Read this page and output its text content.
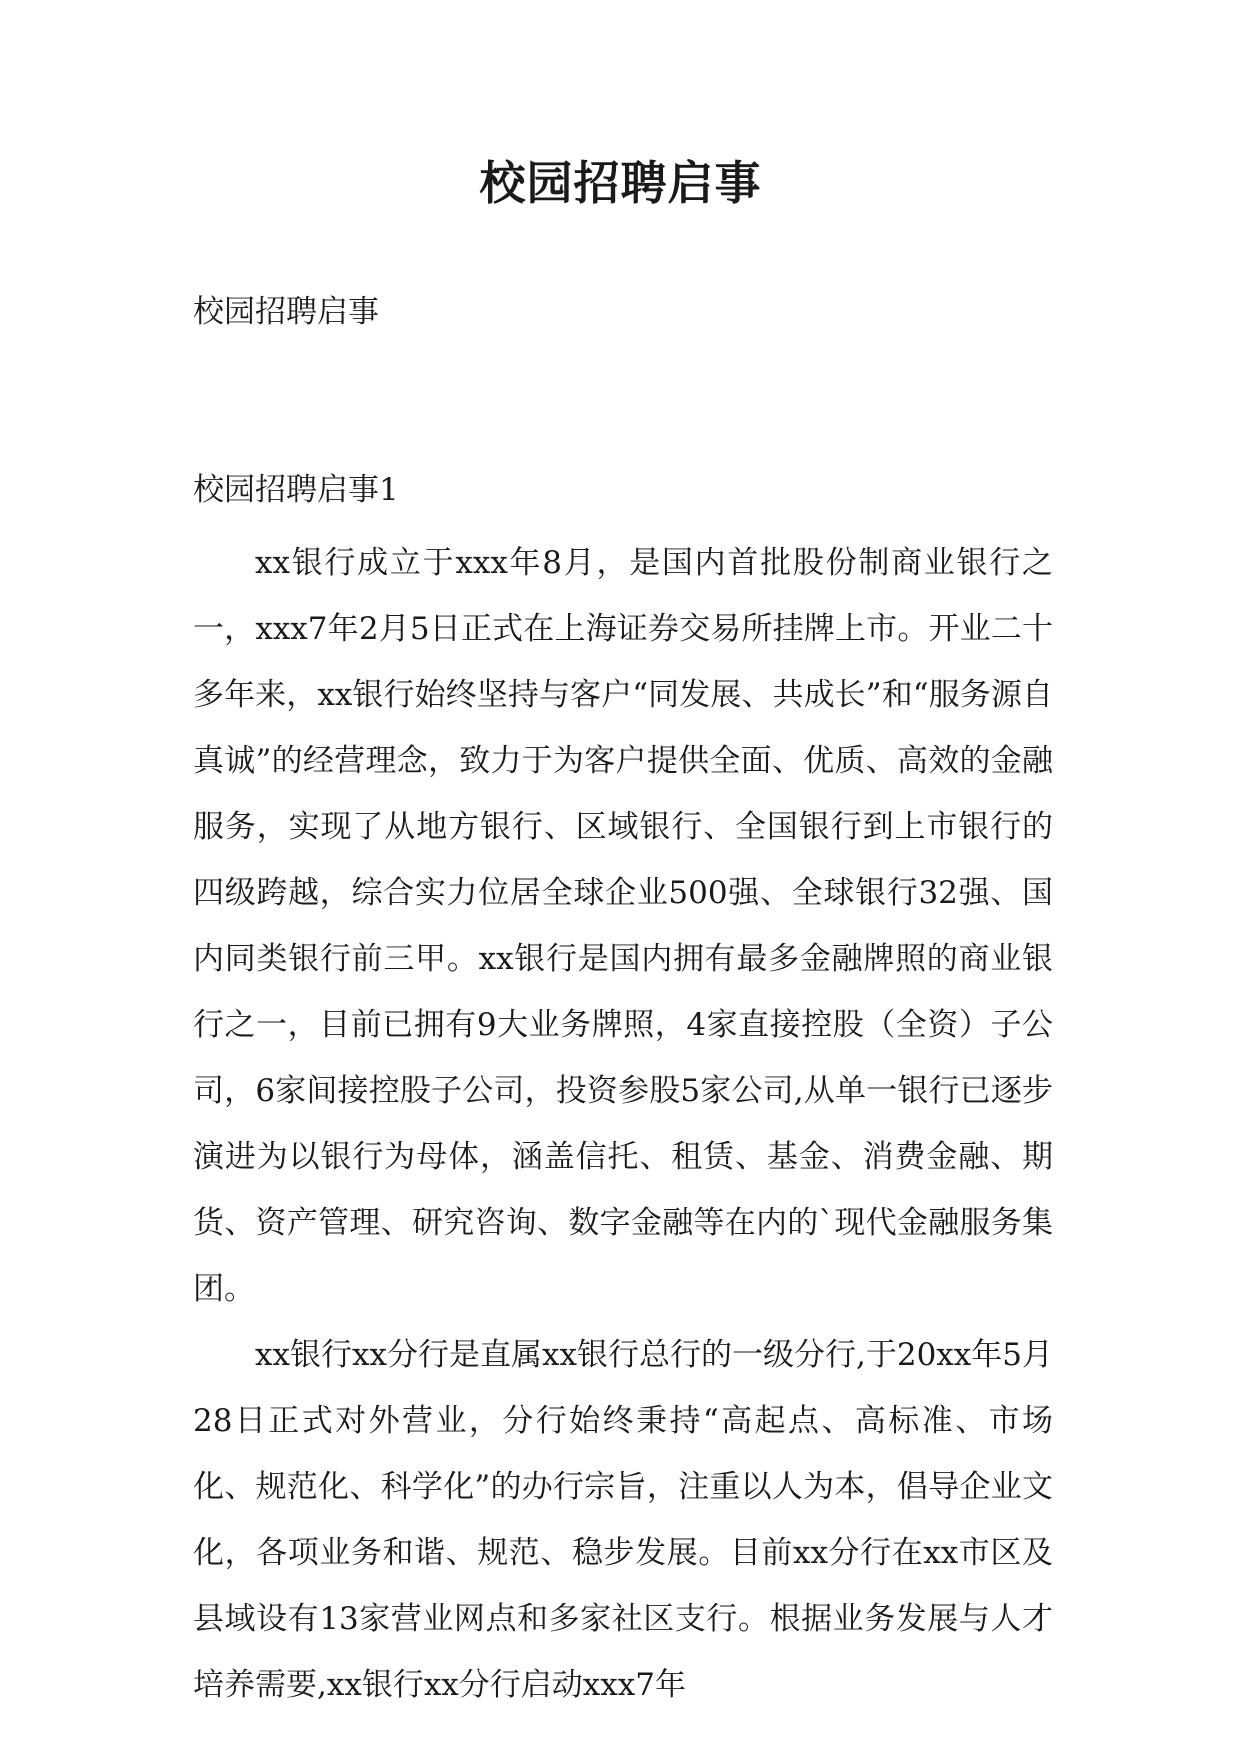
校园招聘启事

校园招聘启事

校园招聘启事1

xx银行成立于xxx年8月，是国内首批股份制商业银行之一，xxx7年2月5日正式在上海证券交易所挂牌上市。开业二十多年来，xx银行始终坚持与客户“同发展、共成长”和“服务源自真诚”的经营理念，致力于为客户提供全面、优质、高效的金融服务，实现了从地方银行、区域银行、全国银行到上市银行的四级跨越，综合实力位居全球企业500强、全球银行32强、国内同类银行前三甲。xx银行是国内拥有最多金融牌照的商业银行之一，目前已拥有9大业务牌照，4家直接控股（全资）子公司，6家间接控股子公司，投资参股5家公司,从单一银行已逐步演进为以银行为母体，涵盖信托、租赁、基金、消费金融、期货、资产管理、研究咨询、数字金融等在内的`现代金融服务集团。

xx银行xx分行是直属xx银行总行的一级分行,于20xx年5月28日正式对外营业，分行始终秉持“高起点、高标准、市场化、规范化、科学化”的办行宗旨，注重以人为本，倡导企业文化，各项业务和谐、规范、稳步发展。目前xx分行在xx市区及县域设有13家营业网点和多家社区支行。根据业务发展与人才培养需要,xx银行xx分行启动xxx7年
